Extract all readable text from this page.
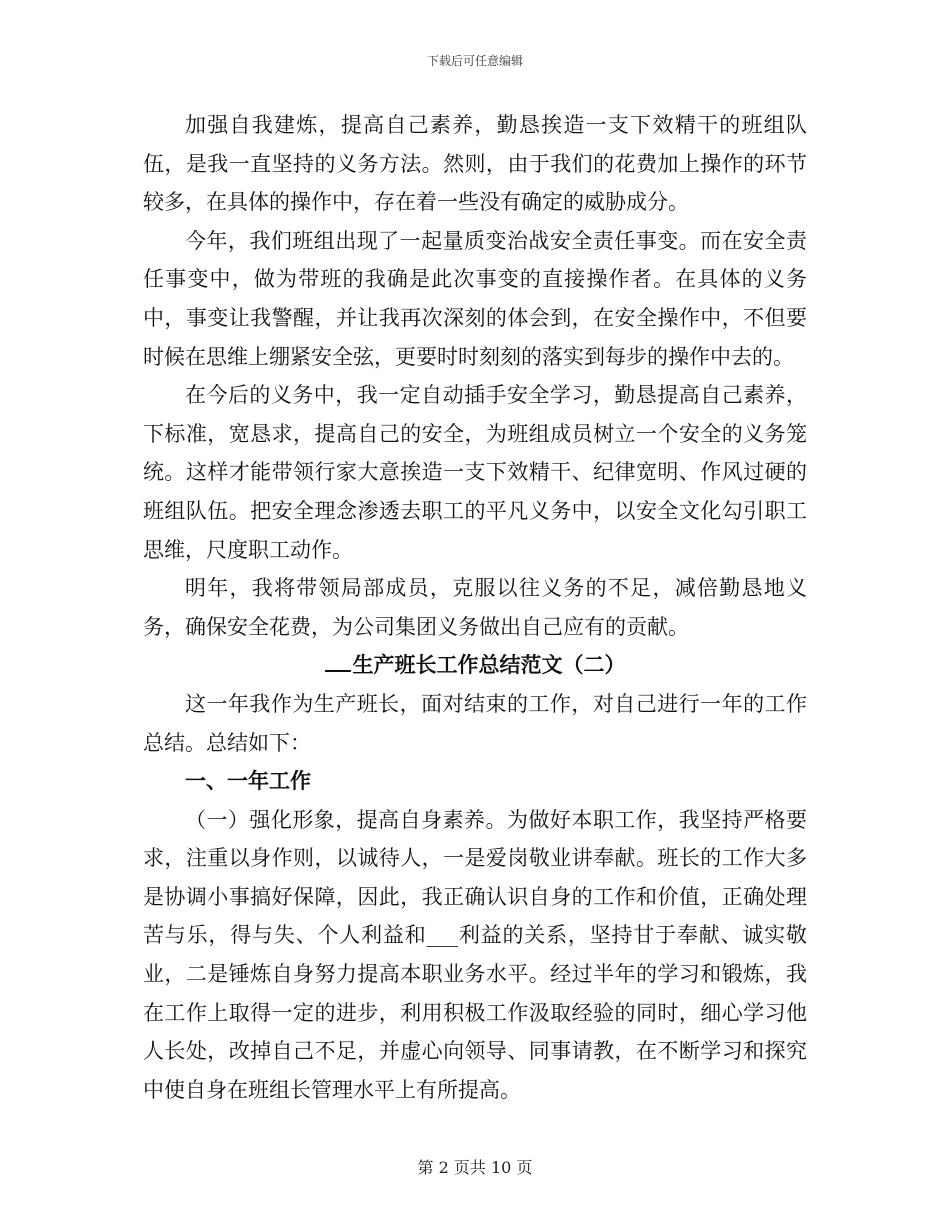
下载后可任意编辑

加强自我建炼，提高自己素养，勤恳挨造一支下效精干的班组队伍，是我一直坚持的义务方法。然则，由于我们的花费加上操作的环节较多，在具体的操作中，存在着一些没有确定的威胁成分。

今年，我们班组出现了一起量质变治战安全责任事变。而在安全责任事变中，做为带班的我确是此次事变的直接操作者。在具体的义务中，事变让我警醒，并让我再次深刻的体会到，在安全操作中，不但要时候在思维上绷紧安全弦，更要时时刻刻的落实到每步的操作中去的。

在今后的义务中，我一定自动插手安全学习，勤恳提高自己素养，下标准，宽恳求，提高自己的安全，为班组成员树立一个安全的义务笼统。这样才能带领行家大意挨造一支下效精干、纪律宽明、作风过硬的班组队伍。把安全理念渗透去职工的平凡义务中，以安全文化勾引职工思维，尺度职工动作。

明年，我将带领局部成员，克服以往义务的不足，减倍勤恳地义务，确保安全花费，为公司集团义务做出自己应有的贡献。

生产班长工作总结范文（二）

这一年我作为生产班长，面对结束的工作，对自己进行一年的工作总结。总结如下：

一、一年工作

（一）强化形象，提高自身素养。为做好本职工作，我坚持严格要求，注重以身作则，以诚待人，一是爱岗敬业讲奉献。班长的工作大多是协调小事搞好保障，因此，我正确认识自身的工作和价值，正确处理苦与乐，得与失、个人利益和___利益的关系，坚持甘于奉献、诚实敬业，二是锤炼自身努力提高本职业务水平。经过半年的学习和锻炼，我在工作上取得一定的进步，利用积极工作汲取经验的同时，细心学习他人长处，改掉自己不足，并虚心向领导、同事请教，在不断学习和探究中使自身在班组长管理水平上有所提高。

第 2 页共 10 页
